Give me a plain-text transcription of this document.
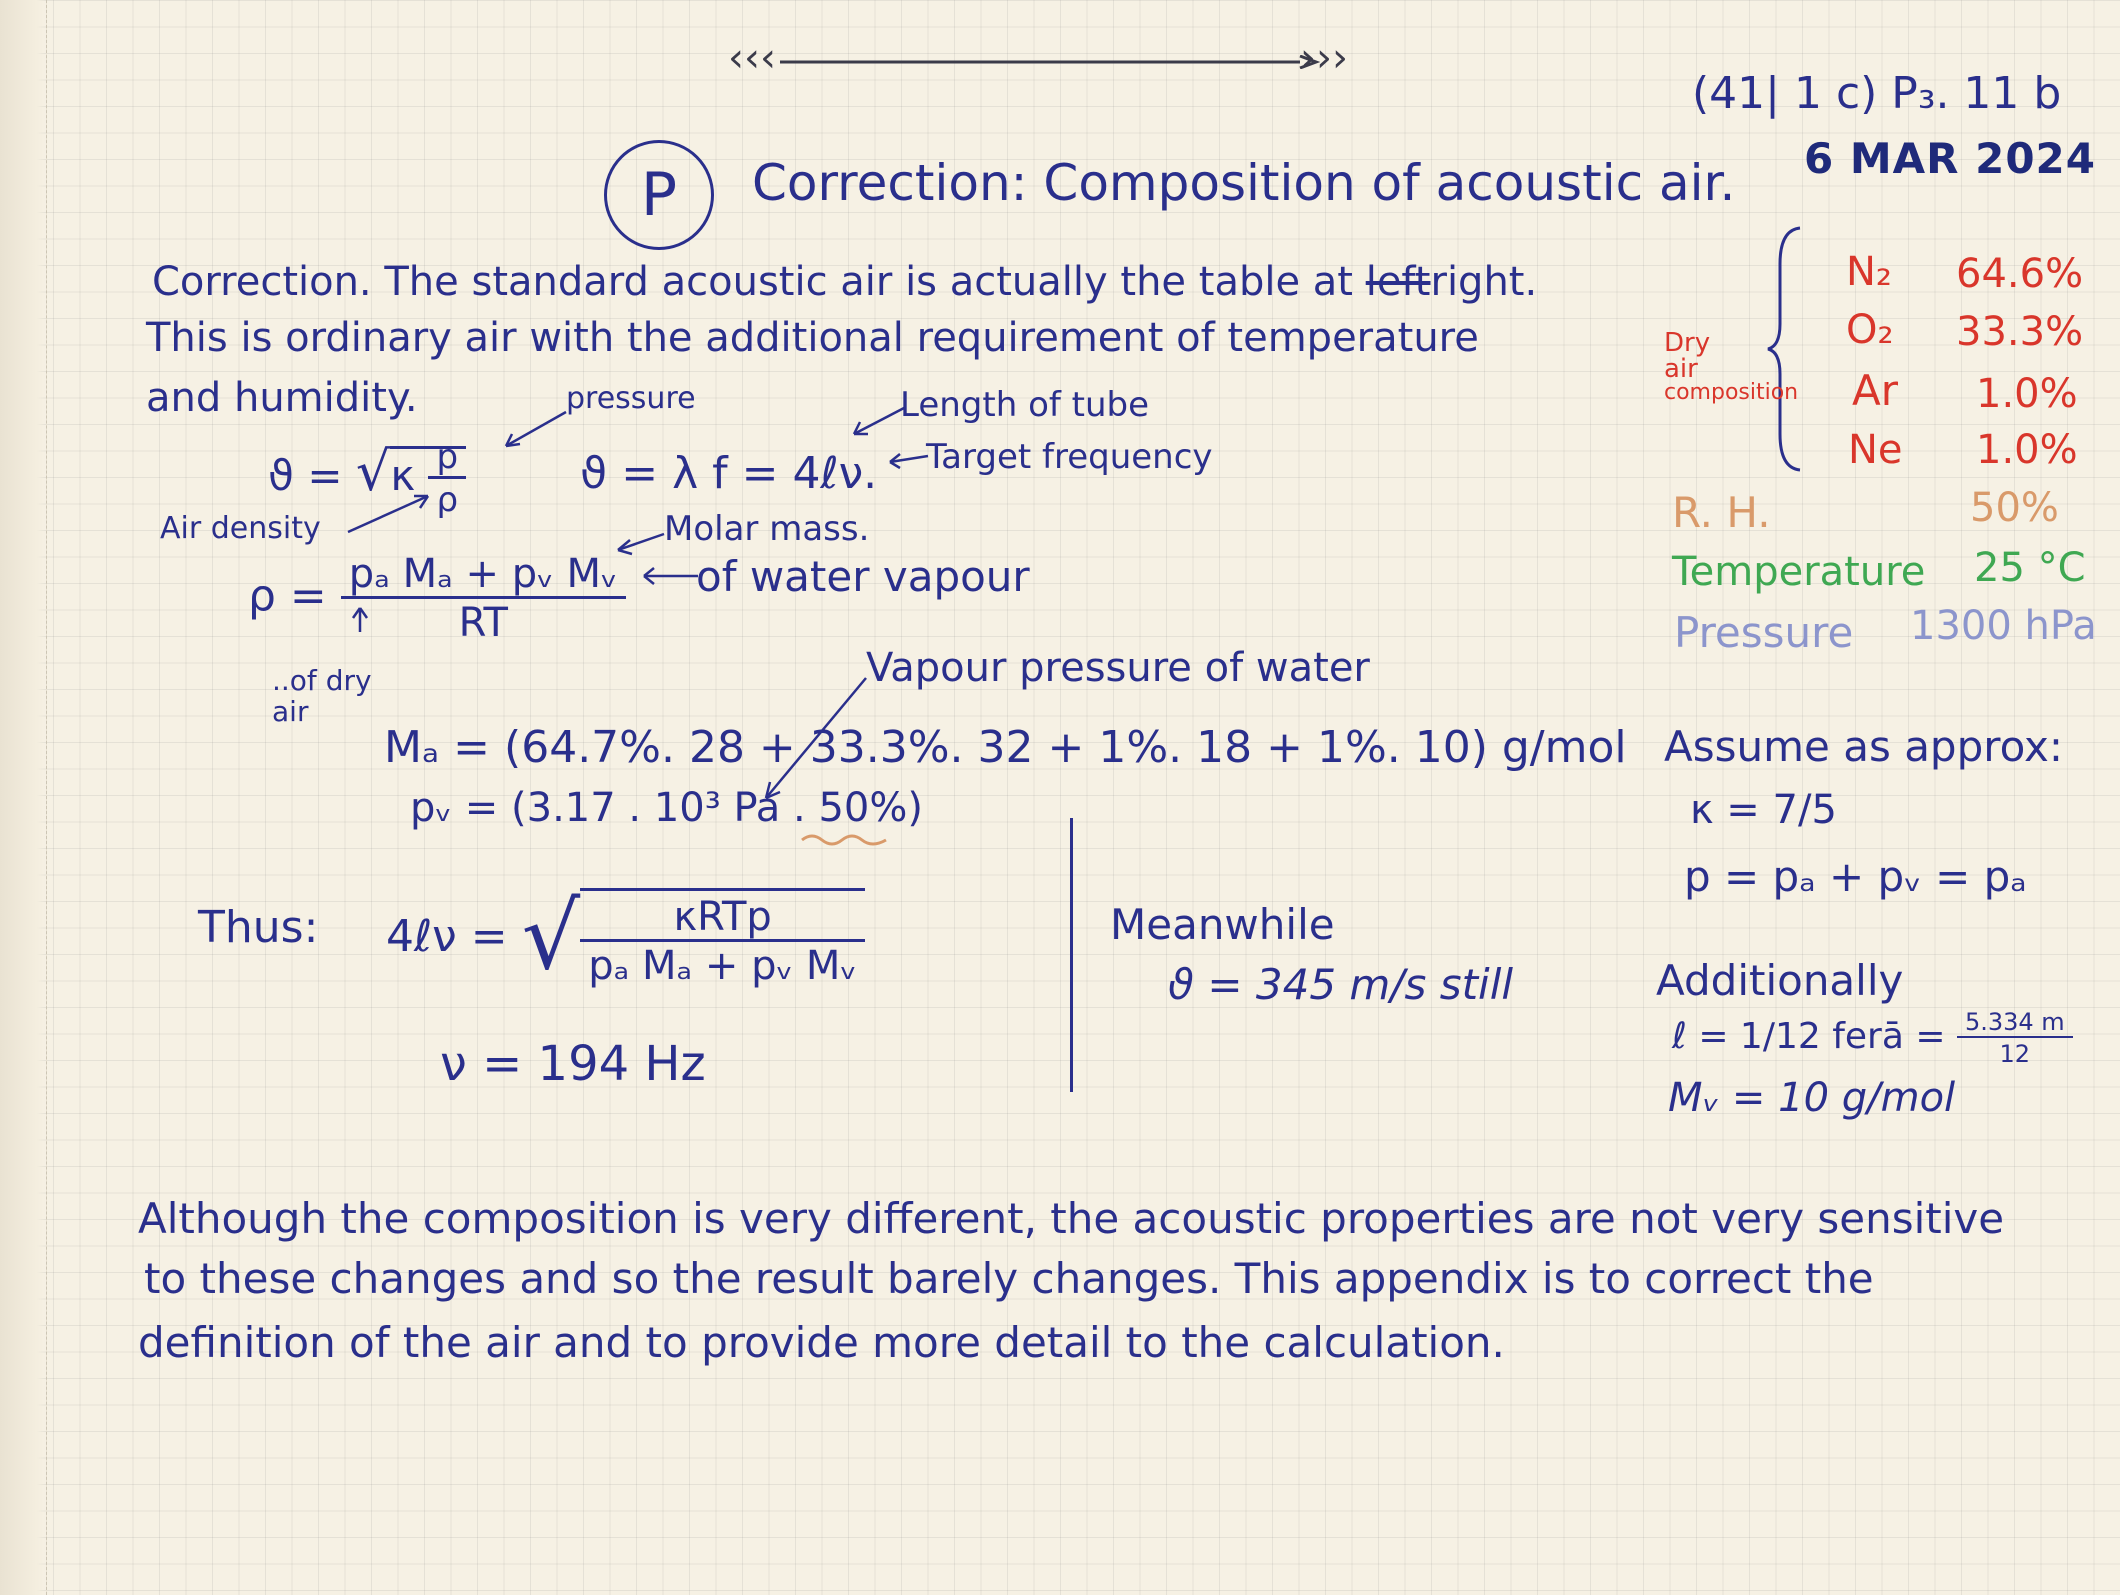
‹‹‹	›››
(41| 1 c) P₃. 11 b
6 MAR 2024
P Correction: Composition of acoustic air.
Correction. The standard acoustic air is actually the table at leftright.
This is ordinary air with the additional requirement of temperature
and humidity.
$ϑ = √\kappa \frac{p}{\rho}$
pressure
ϑ = λ f = 4ℓν.
Length of tube
Target frequency
Air density
$\rho = \frac{\text{pₐ Mₐ + pᵥ Mᵥ}}{RT}$
Molar mass.
of water vapour
..of dry air
Vapour pressure of water
Mₐ = (64.7%. 28 + 33.3%. 32 + 1%. 18 + 1%. 10) g/mol
pᵥ = (3.17 . 10³ Pa . 50%)
Thus: 4ℓν = √ $\frac{\text{κRTp}}{\text{pₐ Mₐ + pᵥ Mᵥ}}$
ν = 194 Hz
Meanwhile
ϑ = 345 m/s still
Dry
air
composition
N₂ 64.6%
O₂ 33.3%
Ar 1.0%
Ne 1.0%
R. H.	50%
Temperature 25 °C
Pressure 1300 hPa
Assume as approx:
κ = 7/5
p = pₐ + pᵥ = pₐ
Additionally
ℓ = 1/12 ferā = $\frac{5.334 m}{12}$
Mᵥ = 10 g/mol
Although the composition is very different, the acoustic properties are not very sensitive
to these changes and so the result barely changes. This appendix is to correct the
definition of the air and to provide more detail to the calculation.
